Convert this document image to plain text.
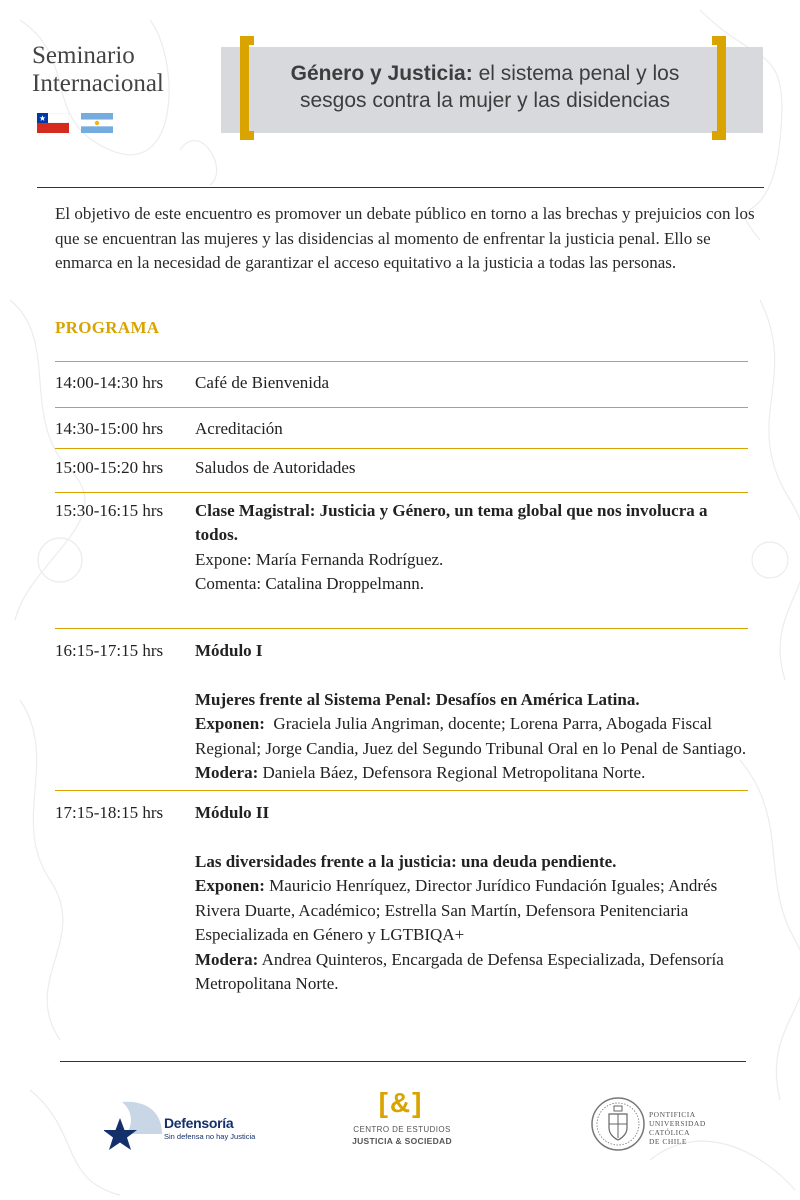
Seminario
Internacional	Género y Justicia: el sistema penal y los sesgos contra la mujer y las disidencias
El objetivo de este encuentro es promover un debate público en torno a las brechas y prejuicios con los que se encuentran las mujeres y las disidencias al momento de enfrentar la justicia penal. Ello se enmarca en la necesidad de garantizar el acceso equitativo a la justicia a todas las personas.
PROGRAMA
14:00-14:30 hrs	Café de Bienvenida
14:30-15:00 hrs	Acreditación
15:00-15:20 hrs	Saludos de Autoridades
15:30-16:15 hrs	Clase Magistral: Justicia y Género, un tema global que nos involucra a todos.

Expone: María Fernanda Rodríguez.

Comenta: Catalina Droppelmann.

16:15-17:15 hrs	Módulo I

Mujeres frente al Sistema Penal: Desafíos en América Latina.

Exponen:  Graciela Julia Angriman, docente; Lorena Parra, Abogada Fiscal Regional; Jorge Candia, Juez del Segundo Tribunal Oral en lo Penal de Santiago.

Modera: Daniela Báez, Defensora Regional Metropolitana Norte.

17:15-18:15 hrs	Módulo II

Las diversidades frente a la justicia: una deuda pendiente.

Exponen: Mauricio Henríquez, Director Jurídico Fundación Iguales; Andrés Rivera Duarte, Académico; Estrella San Martín, Defensora Penitenciaria Especializada en Género y LGTBIQA+

Modera: Andrea Quinteros, Encargada de Defensa Especializada, Defensoría Metropolitana Norte.

Defensoría
Sin defensa no hay Justicia
[&]
CENTRO DE ESTUDIOS
JUSTICIA & SOCIEDAD
PONTIFICIA
UNIVERSIDAD
CATÓLICA
DE CHILE
